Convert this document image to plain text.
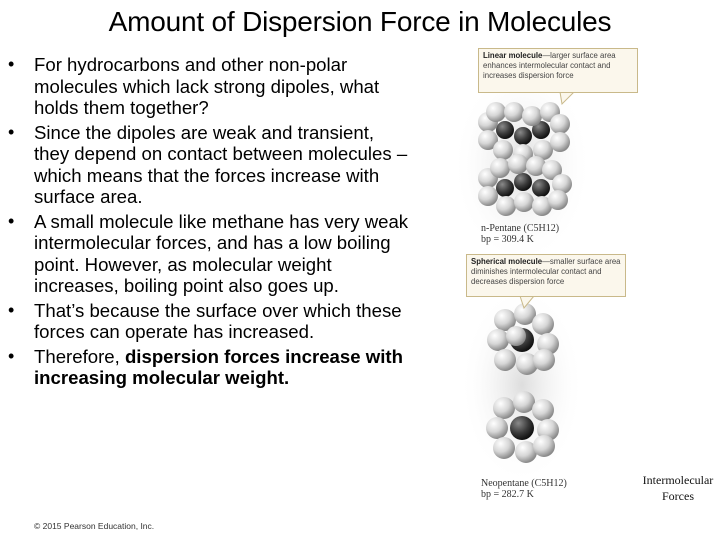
Amount of Dispersion Force in Molecules
• For hydrocarbons and other non-polar molecules which lack strong dipoles, what holds them together?
• Since the dipoles are weak and transient, they depend on contact between molecules – which means that the forces increase with surface area.
• A small molecule like methane has very weak intermolecular forces, and has a low boiling point. However, as molecular weight increases, boiling point also goes up.
• That’s because the surface over which these forces can operate has increased.
• Therefore, dispersion forces increase with increasing molecular weight.
© 2015 Pearson Education, Inc.
Linear molecule—larger surface area enhances intermolecular contact and increases dispersion force
n-Pentane (C5H12)
bp = 309.4 K
Spherical molecule—smaller surface area diminishes intermolecular contact and decreases dispersion force
Neopentane (C5H12)
bp = 282.7 K
Intermolecular
Forces
